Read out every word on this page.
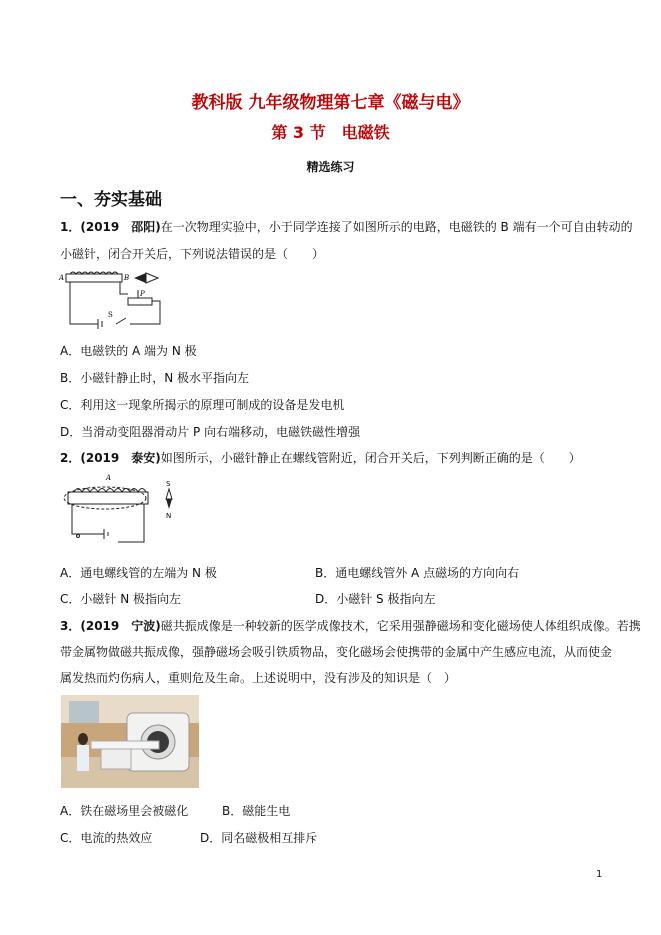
教科版 九年级物理第七章《磁与电》
第 3 节　电磁铁
精选练习
一、夯实基础
1．(2019　邵阳)在一次物理实验中，小于同学连接了如图所示的电路，电磁铁的 B 端有一个可自由转动的
小磁针，闭合开关后，下列说法错误的是（　　）
A	B
P
S
A．电磁铁的 A 端为 N 极
B．小磁针静止时，N 极水平指向左
C．利用这一现象所揭示的原理可制成的设备是发电机
D．当滑动变阻器滑动片 P 向右端移动，电磁铁磁性增强
2．(2019　泰安)如图所示，小磁针静止在螺线管附近，闭合开关后，下列判断正确的是（　　）
A
S
N
A．通电螺线管的左端为 N 极	B．通电螺线管外 A 点磁场的方向向右
C．小磁针 N 极指向左	D．小磁针 S 极指向左
3．(2019　宁波)磁共振成像是一种较新的医学成像技术，它采用强静磁场和变化磁场使人体组织成像。若携
带金属物做磁共振成像，强静磁场会吸引铁质物品，变化磁场会使携带的金属中产生感应电流，从而使金
属发热而灼伤病人，重则危及生命。上述说明中，没有涉及的知识是（　）
A．铁在磁场里会被磁化	B．磁能生电
C．电流的热效应	D．同名磁极相互排斥
1
